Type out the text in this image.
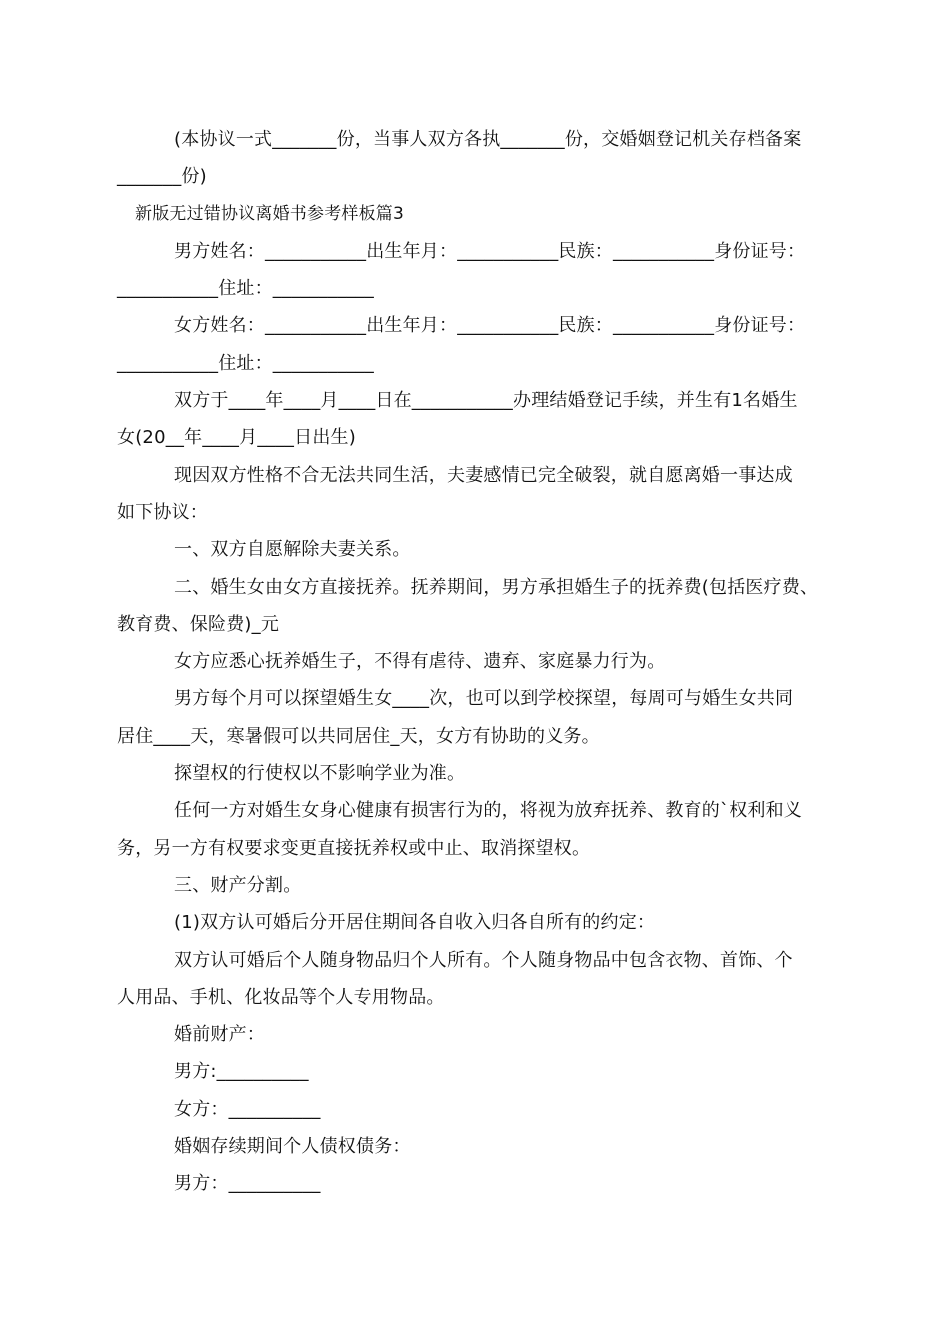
(本协议一式_______份，当事人双方各执_______份，交婚姻登记机关存档备案
_______份)
新版无过错协议离婚书参考样板篇3
男方姓名：___________出生年月：___________民族：___________身份证号：
___________住址：___________
女方姓名：___________出生年月：___________民族：___________身份证号：
___________住址：___________
双方于____年____月____日在___________办理结婚登记手续，并生有1名婚生
女(20__年____月____日出生)
现因双方性格不合无法共同生活，夫妻感情已完全破裂，就自愿离婚一事达成
如下协议：
一、双方自愿解除夫妻关系。
二、婚生女由女方直接抚养。抚养期间，男方承担婚生子的抚养费(包括医疗费、
教育费、保险费)_元
女方应悉心抚养婚生子，不得有虐待、遗弃、家庭暴力行为。
男方每个月可以探望婚生女____次，也可以到学校探望，每周可与婚生女共同
居住____天，寒暑假可以共同居住_天，女方有协助的义务。
探望权的行使权以不影响学业为准。
任何一方对婚生女身心健康有损害行为的，将视为放弃抚养、教育的`权利和义
务，另一方有权要求变更直接抚养权或中止、取消探望权。
三、财产分割。
(1)双方认可婚后分开居住期间各自收入归各自所有的约定：
双方认可婚后个人随身物品归个人所有。个人随身物品中包含衣物、首饰、个
人用品、手机、化妆品等个人专用物品。
婚前财产：
男方:__________
女方：__________
婚姻存续期间个人债权债务：
男方：__________
